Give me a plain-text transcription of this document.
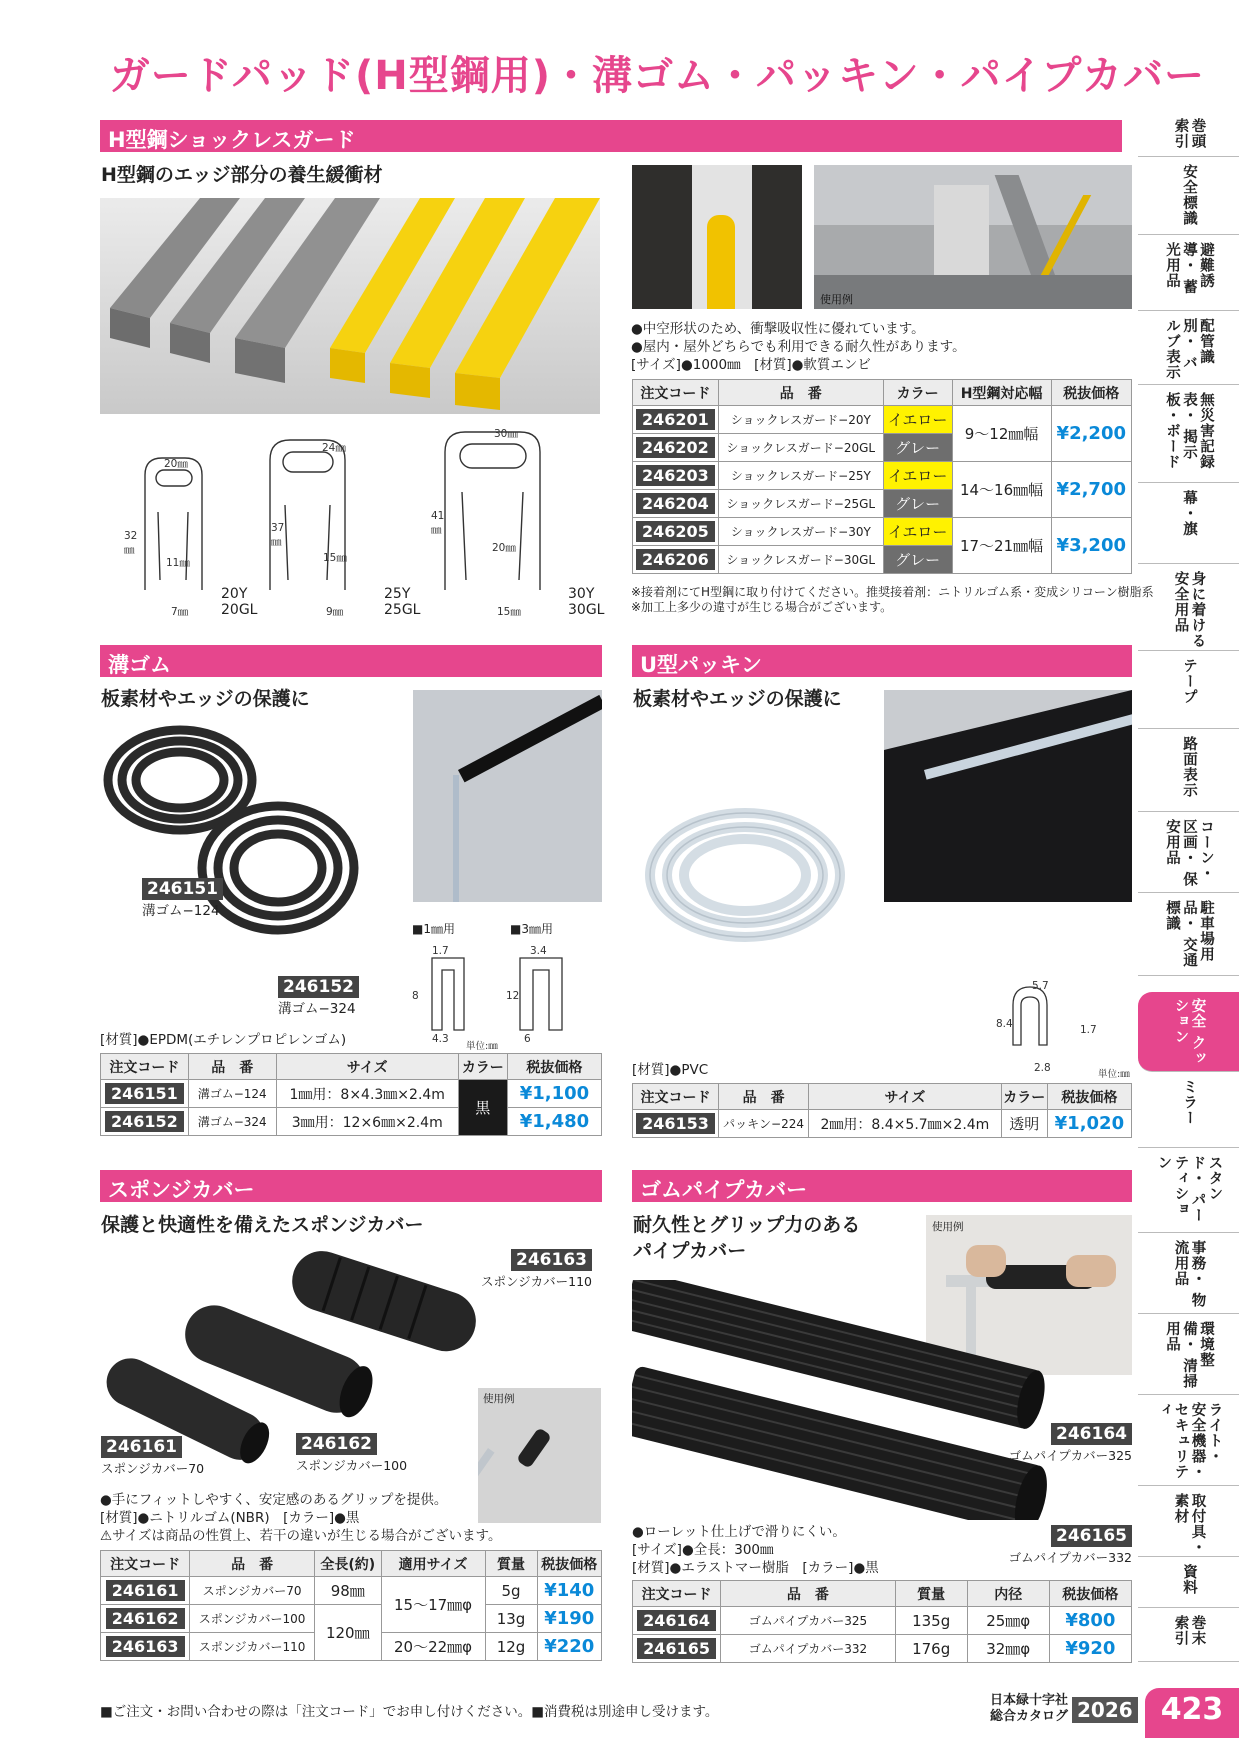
ガードパッド(H型鋼用)・溝ゴム・パッキン・パイプカバー
H型鋼ショックレスガード
H型鋼のエッジ部分の養生緩衝材
20㎜
32㎜
11㎜
7㎜
20Y
20GL
24㎜
37㎜
15㎜
9㎜
25Y
25GL
30㎜
41㎜
20㎜
15㎜
30Y
30GL
使用例
●中空形状のため、衝撃吸収性に優れています。
●屋内・屋外どちらでも利用できる耐久性があります。
[サイズ]●1000㎜　[材質]●軟質エンビ
注文コード	品　番	カラー	H型鋼対応幅	税抜価格
246201	ショックレスガード−20Y	イエロー	9〜12㎜幅	¥2,200
246202	ショックレスガード−20GL	グレー		
246203	ショックレスガード−25Y	イエロー	14〜16㎜幅	¥2,700
246204	ショックレスガード−25GL	グレー		
246205	ショックレスガード−30Y	イエロー	17〜21㎜幅	¥3,200
246206	ショックレスガード−30GL	グレー		
※接着剤にてH型鋼に取り付けてください。推奨接着剤：ニトリルゴム系・変成シリコーン樹脂系
※加工上多少の違寸が生じる場合がございます。
溝ゴム
板素材やエッジの保護に
246151
溝ゴム−124
246152
溝ゴム−324
■1㎜用	■3㎜用
1.7
8
4.3
3.4
12
6
単位:㎜
[材質]●EPDM(エチレンプロピレンゴム)
注文コード	品　番	サイズ	カラー	税抜価格
246151	溝ゴム−124	1㎜用：8×4.3㎜×2.4m	黒	¥1,100
246152	溝ゴム−324	3㎜用：12×6㎜×2.4m		¥1,480
U型パッキン
板素材やエッジの保護に
5.7
8.4	1.7
2.8
単位:㎜
[材質]●PVC
注文コード	品　番	サイズ	カラー	税抜価格
246153	パッキン−224	2㎜用：8.4×5.7㎜×2.4m	透明	¥1,020
スポンジカバー
保護と快適性を備えたスポンジカバー
246163
スポンジカバー110
246161
スポンジカバー70
246162
スポンジカバー100
使用例
●手にフィットしやすく、安定感のあるグリップを提供。
[材質]●ニトリルゴム(NBR)　[カラー]●黒
⚠サイズは商品の性質上、若干の違いが生じる場合がございます。
注文コード	品　番	全長(約)	適用サイズ	質量	税抜価格
246161	スポンジカバー70	98㎜	15〜17㎜φ	5g	¥140
246162	スポンジカバー100	120㎜		13g	¥190
246163	スポンジカバー110		20〜22㎜φ	12g	¥220
ゴムパイプカバー
耐久性とグリップ力のある
パイプカバー
使用例
246164
ゴムパイプカバー325
246165
ゴムパイプカバー332
●ローレット仕上げで滑りにくい。
[サイズ]●全長：300㎜
[材質]●エラストマー樹脂　[カラー]●黒
注文コード	品　番	質量	内径	税抜価格
246164	ゴムパイプカバー325	135g	25㎜φ	¥800
246165	ゴムパイプカバー332	176g	32㎜φ	¥920
巻頭 索引
安全標識
避難誘導・ 蓄光用品
配管識別・ バルブ表示
無災害記録表・ 掲示板・ボード
幕・旗
身に着ける 安全用品
テープ
路面表示
コーン・区画・ 保安用品
駐車場用品・ 交通標識
安全 クッション
ミラー
スタンド・ パーティション
事務・ 物流用品
環境整備・ 清掃用品
ライト・ 安全機器・ セキュリティ
取付具・ 素材
資料
巻末 索引
■ご注文・お問い合わせの際は「注文コード」でお申し付けください。■消費税は別途申し受けます。
日本緑十字社
総合カタログ 2026 423
